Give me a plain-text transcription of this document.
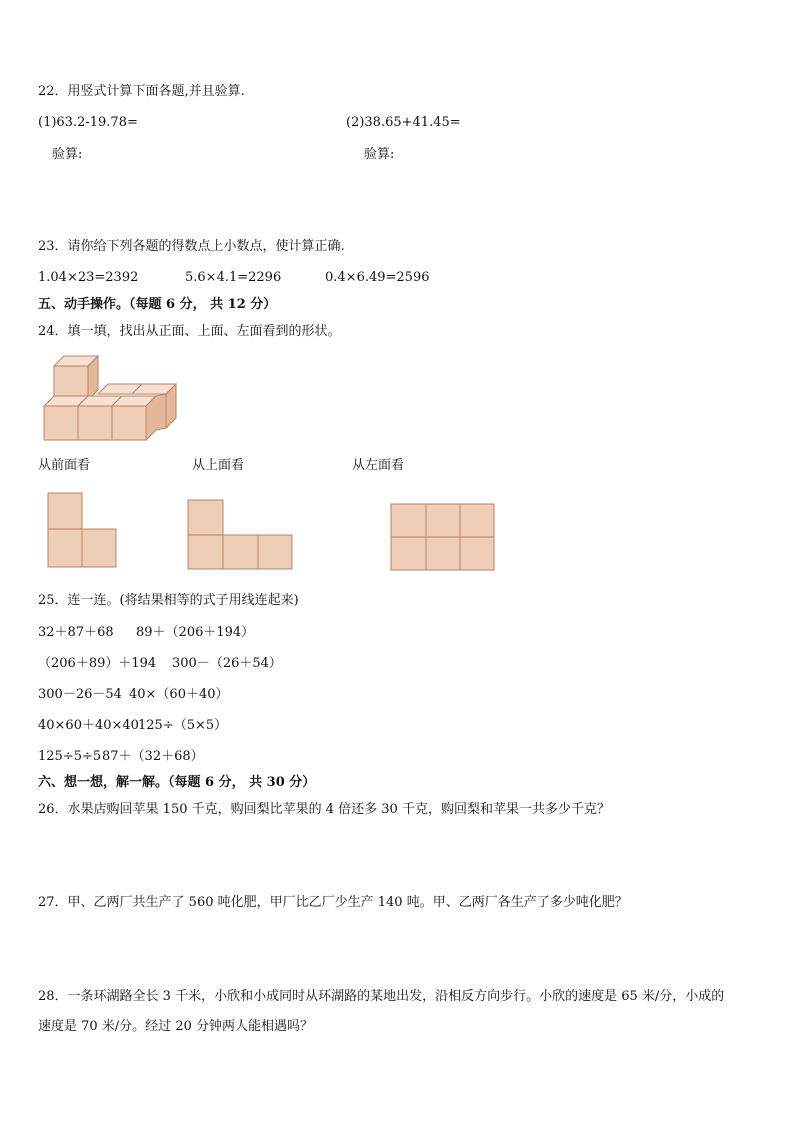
22．用竖式计算下面各题,并且验算.
(1)63.2-19.78=	(2)38.65+41.45=
验算:	验算:
23．请你给下列各题的得数点上小数点，使计算正确.
1.04×23=2392	5.6×4.1=2296	0.4×6.49=2596
五、动手操作。（每题 6 分， 共 12 分）
24．填一填，找出从正面、上面、左面看到的形状。
从前面看	从上面看	从左面看
25．连一连。(将结果相等的式子用线连起来)
32＋87＋68 89＋（206＋194）
（206＋89）＋194 300－（26＋54）
300－26－54 40×（60＋40）
40×60＋40×40 125÷（5×5）
125÷5÷5 87＋（32＋68）
六、想一想，解一解。（每题 6 分， 共 30 分）
26．水果店购回苹果 150 千克，购回梨比苹果的 4 倍还多 30 千克，购回梨和苹果一共多少千克？
27．甲、乙两厂共生产了 560 吨化肥，甲厂比乙厂少生产 140 吨。甲、乙两厂各生产了多少吨化肥？
28．一条环湖路全长 3 千米，小欣和小成同时从环湖路的某地出发，沿相反方向步行。小欣的速度是 65 米/分，小成的
速度是 70 米/分。经过 20 分钟两人能相遇吗？
